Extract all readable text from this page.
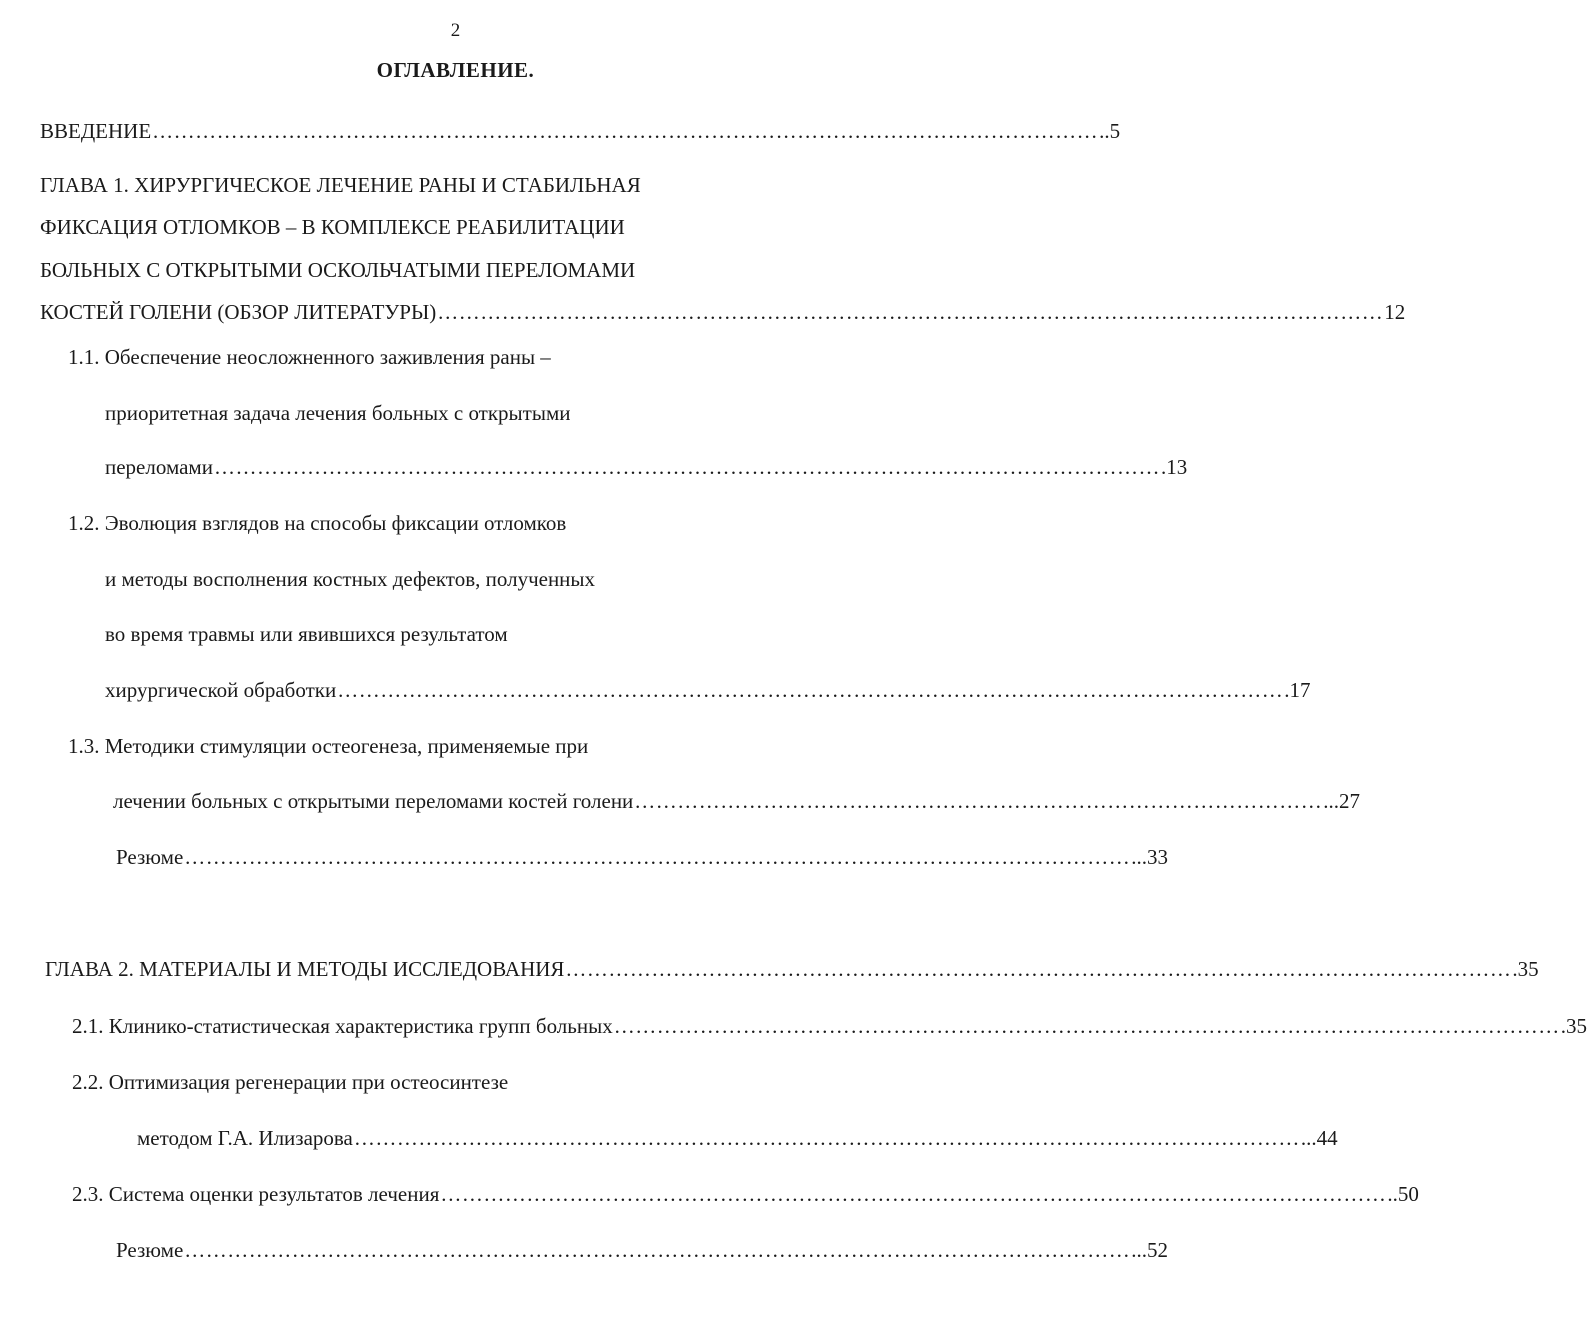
2
ОГЛАВЛЕНИЕ.
ВВЕДЕНИЕ …………………………………………………………………………………………………………………… ..5
ГЛАВА 1. ХИРУРГИЧЕСКОЕ ЛЕЧЕНИЕ РАНЫ И СТАБИЛЬНАЯ
ФИКСАЦИЯ ОТЛОМКОВ – В КОМПЛЕКСЕ РЕАБИЛИТАЦИИ
БОЛЬНЫХ С ОТКРЫТЫМИ ОСКОЛЬЧАТЫМИ ПЕРЕЛОМАМИ
КОСТЕЙ ГОЛЕНИ (ОБЗОР ЛИТЕРАТУРЫ) …………………………………………………………………………………………………………………… 12
1.1. Обеспечение неосложненного заживления раны –
приоритетная задача лечения больных с открытыми
переломами …………………………………………………………………………………………………………………… .13
1.2. Эволюция взглядов на способы фиксации отломков
и методы восполнения костных дефектов, полученных
во время травмы или явившихся результатом
хирургической обработки …………………………………………………………………………………………………………………… .17
1.3. Методики стимуляции остеогенеза, применяемые при
лечении больных с открытыми переломами костей голени …………………………………………………………………………………… ...27
Резюме …………………………………………………………………………………………………………………… ...33
ГЛАВА 2. МАТЕРИАЛЫ И МЕТОДЫ ИССЛЕДОВАНИЯ …………………………………………………………………………………………………………………… .35
2.1. Клинико-статистическая характеристика групп больных …………………………………………………………………………………………………………………… .35
2.2. Оптимизация регенерации при остеосинтезе
методом Г.А. Илизарова …………………………………………………………………………………………………………………… ...44
2.3. Система оценки результатов лечения …………………………………………………………………………………………………………………… ..50
Резюме …………………………………………………………………………………………………………………… ...52
